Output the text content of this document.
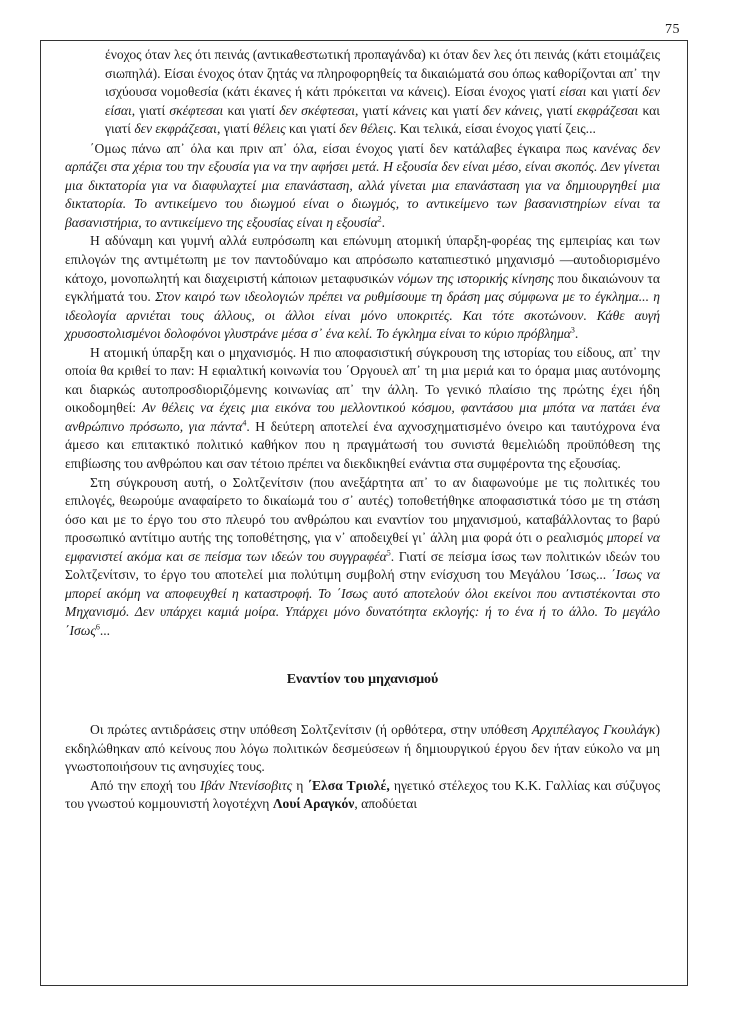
75

ένοχος όταν λες ότι πεινάς (αντικαθεστωτική προπαγάνδα) κι όταν δεν λες ότι πεινάς (κάτι ετοιμάζεις σιωπηλά). Είσαι ένοχος όταν ζητάς να πληροφορηθείς τα δικαιώματά σου όπως καθορίζονται απ᾽ την ισχύουσα νομοθεσία (κάτι έκανες ή κάτι πρόκειται να κάνεις). Είσαι ένοχος γιατί είσαι και γιατί δεν είσαι, γιατί σκέφτεσαι και γιατί δεν σκέφτεσαι, γιατί κάνεις και γιατί δεν κάνεις, γιατί εκφράζεσαι και γιατί δεν εκφράζεσαι, γιατί θέλεις και γιατί δεν θέλεις. Και τελικά, είσαι ένοχος γιατί ζεις...

΄Ομως πάνω απ᾽ όλα και πριν απ᾽ όλα, είσαι ένοχος γιατί δεν κατάλαβες έγκαιρα πως κανένας δεν αρπάζει στα χέρια του την εξουσία για να την αφήσει μετά. Η εξουσία δεν είναι μέσο, είναι σκοπός. Δεν γίνεται μια δικτατορία για να διαφυλαχτεί μια επανάσταση, αλλά γίνεται μια επανάσταση για να δημιουργηθεί μια δικτατορία. Το αντικείμενο του διωγμού είναι ο διωγμός, το αντικείμενο των βασανιστηρίων είναι τα βασανιστήρια, το αντικείμενο της εξουσίας είναι η εξουσία$^2$.

Η αδύναμη και γυμνή αλλά ευπρόσωπη και επώνυμη ατομική ύπαρξη-φορέας της εμπειρίας και των επιλογών της αντιμέτωπη με τον παντοδύναμο και απρόσωπο καταπιεστικό μηχανισμό —αυτοδιορισμένο κάτοχο, μονοπωλητή και διαχειριστή κάποιων μεταφυσικών νόμων της ιστορικής κίνησης που δικαιώνουν τα εγκλήματά του. Στον καιρό των ιδεολογιών πρέπει να ρυθμίσουμε τη δράση μας σύμφωνα με το έγκλημα... η ιδεολογία αρνιέται τους άλλους, οι άλλοι είναι μόνο υποκριτές. Και τότε σκοτώνουν. Κάθε αυγή χρυσοστολισμένοι δολοφόνοι γλυστράνε μέσα σ᾽ ένα κελί. Το έγκλημα είναι το κύριο πρόβλημα$^3$.

Η ατομική ύπαρξη και ο μηχανισμός. Η πιο αποφασιστική σύγκρουση της ιστορίας του είδους, απ᾽ την οποία θα κριθεί το παν: Η εφιαλτική κοινωνία του ΄Οργουελ απ᾽ τη μια μεριά και το όραμα μιας αυτόνομης και διαρκώς αυτοπροσδιοριζόμενης κοινωνίας απ᾽ την άλλη. Το γενικό πλαίσιο της πρώτης έχει ήδη οικοδομηθεί: Αν θέλεις να έχεις μια εικόνα του μελλοντικού κόσμου, φαντάσου μια μπότα να πατάει ένα ανθρώπινο πρόσωπο, για πάντα$^4$. Η δεύτερη αποτελεί ένα αχνοσχηματισμένο όνειρο και ταυτόχρονα ένα άμεσο και επιτακτικό πολιτικό καθήκον που η πραγμάτωσή του συνιστά θεμελιώδη προϋπόθεση της επιβίωσης του ανθρώπου και σαν τέτοιο πρέπει να διεκδικηθεί ενάντια στα συμφέροντα της εξουσίας.

Στη σύγκρουση αυτή, ο Σολτζενίτσιν (που ανεξάρτητα απ᾽ το αν διαφωνούμε με τις πολιτικές του επιλογές, θεωρούμε αναφαίρετο το δικαίωμά του σ᾽ αυτές) τοποθετήθηκε αποφασιστικά τόσο με τη στάση όσο και με το έργο του στο πλευρό του ανθρώπου και εναντίον του μηχανισμού, καταβάλλοντας το βαρύ προσωπικό αντίτιμο αυτής της τοποθέτησης, για ν᾽ αποδειχθεί γι᾽ άλλη μια φορά ότι ο ρεαλισμός μπορεί να εμφανιστεί ακόμα και σε πείσμα των ιδεών του συγγραφέα$^5$. Γιατί σε πείσμα ίσως των πολιτικών ιδεών του Σολτζενίτσιν, το έργο του αποτελεί μια πολύτιμη συμβολή στην ενίσχυση του Μεγάλου ΄Ισως... ΄Ισως να μπορεί ακόμη να αποφευχθεί η καταστροφή. Το ΄Ισως αυτό αποτελούν όλοι εκείνοι που αντιστέκονται στο Μηχανισμό. Δεν υπάρχει καμιά μοίρα. Υπάρχει μόνο δυνατότητα εκλογής: ή το ένα ή το άλλο. Το μεγάλο ΄Ισως$^6$...

Εναντίον του μηχανισμού

Οι πρώτες αντιδράσεις στην υπόθεση Σολτζενίτσιν (ή ορθότερα, στην υπόθεση Αρχιπέλαγος Γκουλάγκ) εκδηλώθηκαν από κείνους που λόγω πολιτικών δεσμεύσεων ή δημιουργικού έργου δεν ήταν εύκολο να μη γνωστοποιήσουν τις ανησυχίες τους.

Από την εποχή του Ιβάν Ντενίσοβιτς η ΄Ελσα Τριολέ, ηγετικό στέλεχος του Κ.Κ. Γαλλίας και σύζυγος του γνωστού κομμουνιστή λογοτέχνη Λουί Αραγκόν, αποδύεται
